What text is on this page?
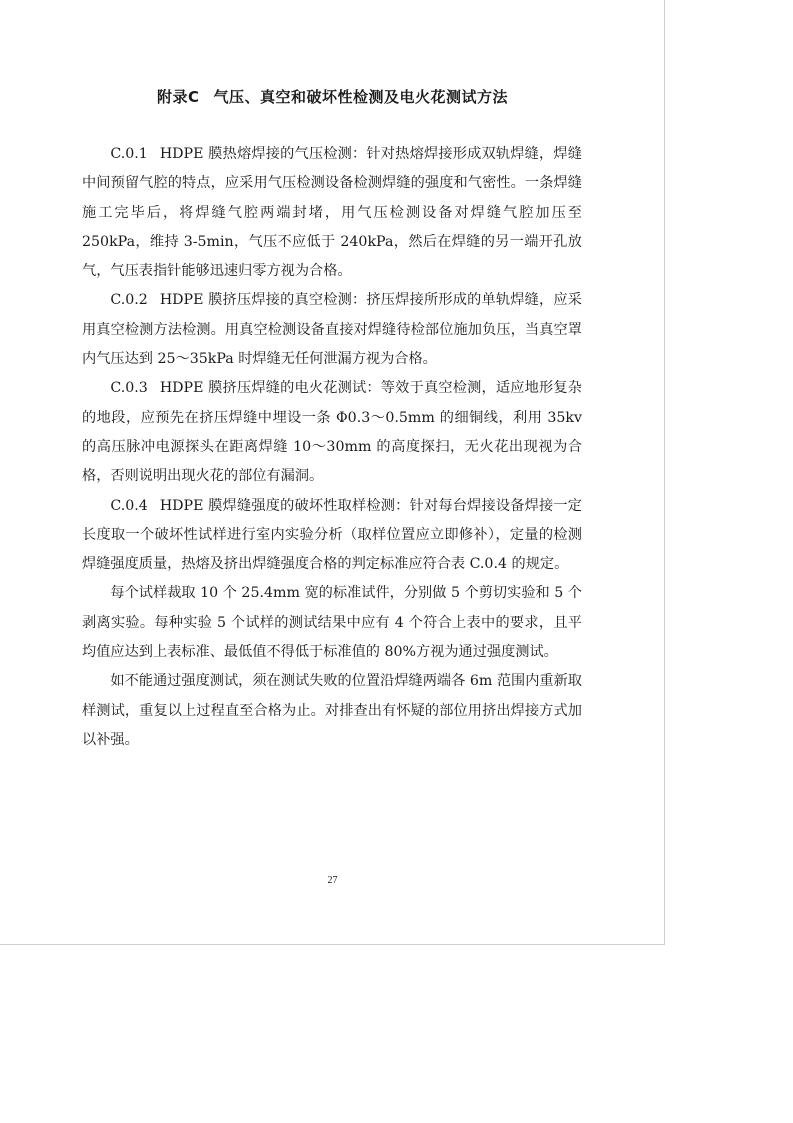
附录C 气压、真空和破坏性检测及电火花测试方法

C.0.1 HDPE 膜热熔焊接的气压检测：针对热熔焊接形成双轨焊缝，焊缝中间预留气腔的特点，应采用气压检测设备检测焊缝的强度和气密性。一条焊缝施工完毕后，将焊缝气腔两端封堵，用气压检测设备对焊缝气腔加压至 250kPa，维持 3-5min，气压不应低于 240kPa，然后在焊缝的另一端开孔放气，气压表指针能够迅速归零方视为合格。

C.0.2 HDPE 膜挤压焊接的真空检测：挤压焊接所形成的单轨焊缝，应采用真空检测方法检测。用真空检测设备直接对焊缝待检部位施加负压，当真空罩内气压达到 25～35kPa 时焊缝无任何泄漏方视为合格。

C.0.3 HDPE 膜挤压焊缝的电火花测试：等效于真空检测，适应地形复杂的地段，应预先在挤压焊缝中埋设一条 Φ0.3～0.5mm 的细铜线，利用 35kv 的高压脉冲电源探头在距离焊缝 10～30mm 的高度探扫，无火花出现视为合格，否则说明出现火花的部位有漏洞。

C.0.4 HDPE 膜焊缝强度的破坏性取样检测：针对每台焊接设备焊接一定长度取一个破坏性试样进行室内实验分析（取样位置应立即修补），定量的检测焊缝强度质量，热熔及挤出焊缝强度合格的判定标准应符合表 C.0.4 的规定。

每个试样裁取 10 个 25.4mm 宽的标准试件，分别做 5 个剪切实验和 5 个剥离实验。每种实验 5 个试样的测试结果中应有 4 个符合上表中的要求，且平均值应达到上表标准、最低值不得低于标准值的 80%方视为通过强度测试。

如不能通过强度测试，须在测试失败的位置沿焊缝两端各 6m 范围内重新取样测试，重复以上过程直至合格为止。对排查出有怀疑的部位用挤出焊接方式加以补强。

27
